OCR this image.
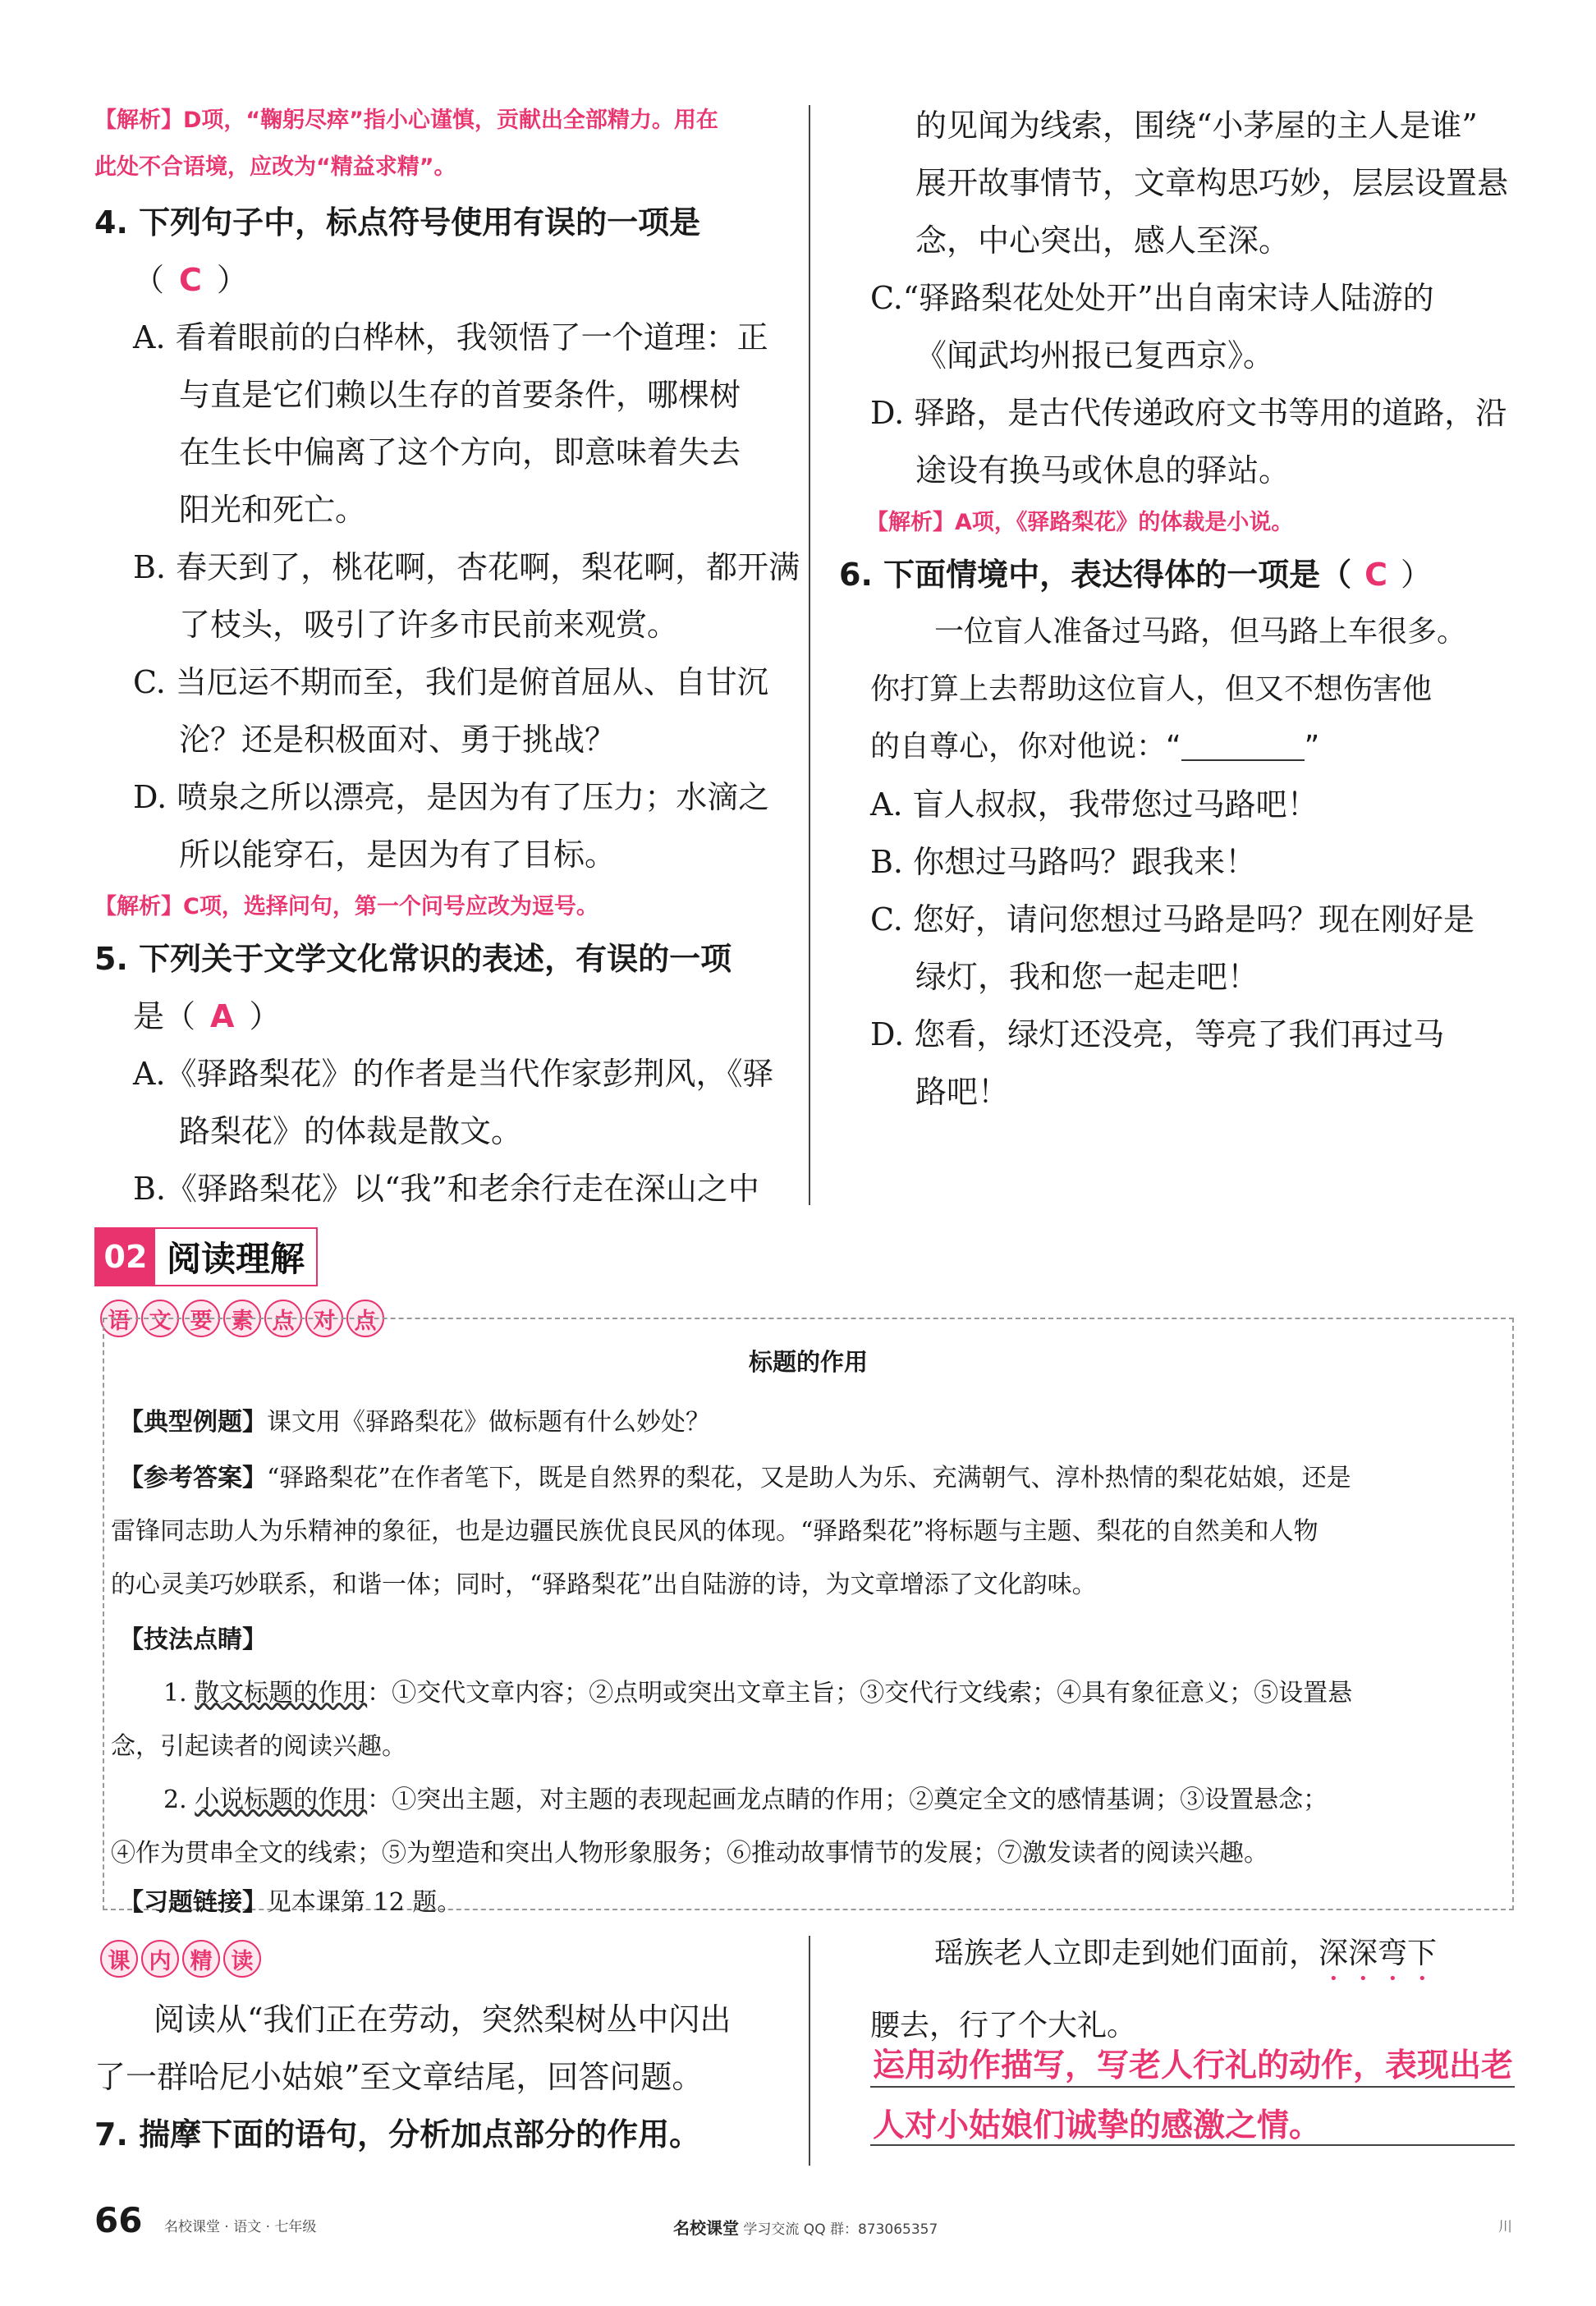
【解析】D项，“鞠躬尽瘁”指小心谨慎，贡献出全部精力。用在

此处不合语境，应改为“精益求精”。

4. 下列句子中，标点符号使用有误的一项是

（ C ）

A. 看着眼前的白桦林，我领悟了一个道理：正

与直是它们赖以生存的首要条件，哪棵树

在生长中偏离了这个方向，即意味着失去

阳光和死亡。

B. 春天到了，桃花啊，杏花啊，梨花啊，都开满

了枝头，吸引了许多市民前来观赏。

C. 当厄运不期而至，我们是俯首屈从、自甘沉

沦？还是积极面对、勇于挑战？

D. 喷泉之所以漂亮，是因为有了压力；水滴之

所以能穿石，是因为有了目标。

【解析】C项，选择问句，第一个问号应改为逗号。

5. 下列关于文学文化常识的表述，有误的一项

是（ A ）

A.《驿路梨花》的作者是当代作家彭荆风，《驿

路梨花》的体裁是散文。

B.《驿路梨花》以“我”和老余行走在深山之中

的见闻为线索，围绕“小茅屋的主人是谁”

展开故事情节，文章构思巧妙，层层设置悬

念，中心突出，感人至深。

C.“驿路梨花处处开”出自南宋诗人陆游的

《闻武均州报已复西京》。

D. 驿路，是古代传递政府文书等用的道路，沿

途设有换马或休息的驿站。

【解析】A项，《驿路梨花》的体裁是小说。

6. 下面情境中，表达得体的一项是（ C ）

一位盲人准备过马路，但马路上车很多。

你打算上去帮助这位盲人，但又不想伤害他

的自尊心，你对他说：“	”

A. 盲人叔叔，我带您过马路吧！

B. 你想过马路吗？跟我来！

C. 您好，请问您想过马路是吗？现在刚好是

绿灯，我和您一起走吧！

D. 您看，绿灯还没亮，等亮了我们再过马

路吧！

02 阅读理解
语 文 要 素 点 对 点
标题的作用
【典型例题】课文用《驿路梨花》做标题有什么妙处？
【参考答案】“驿路梨花”在作者笔下，既是自然界的梨花，又是助人为乐、充满朝气、淳朴热情的梨花姑娘，还是
雷锋同志助人为乐精神的象征，也是边疆民族优良民风的体现。“驿路梨花”将标题与主题、梨花的自然美和人物
的心灵美巧妙联系，和谐一体；同时，“驿路梨花”出自陆游的诗，为文章增添了文化韵味。
【技法点睛】
1. 散文标题的作用：①交代文章内容；②点明或突出文章主旨；③交代行文线索；④具有象征意义；⑤设置悬
念，引起读者的阅读兴趣。
2. 小说标题的作用：①突出主题，对主题的表现起画龙点睛的作用；②奠定全文的感情基调；③设置悬念；
④作为贯串全文的线索；⑤为塑造和突出人物形象服务；⑥推动故事情节的发展；⑦激发读者的阅读兴趣。
【习题链接】见本课第 12 题。
课 内 精 读

阅读从“我们正在劳动，突然梨树丛中闪出

了一群哈尼小姑娘”至文章结尾，回答问题。

7. 揣摩下面的语句，分析加点部分的作用。

瑶族老人立即走到她们面前，深深弯下

腰去，行了个大礼。

运用动作描写，写老人行礼的动作，表现出老
人对小姑娘们诚挚的感激之情。
66 名校课堂 · 语文 · 七年级	名校课堂 学习交流 QQ 群：873065357	川
